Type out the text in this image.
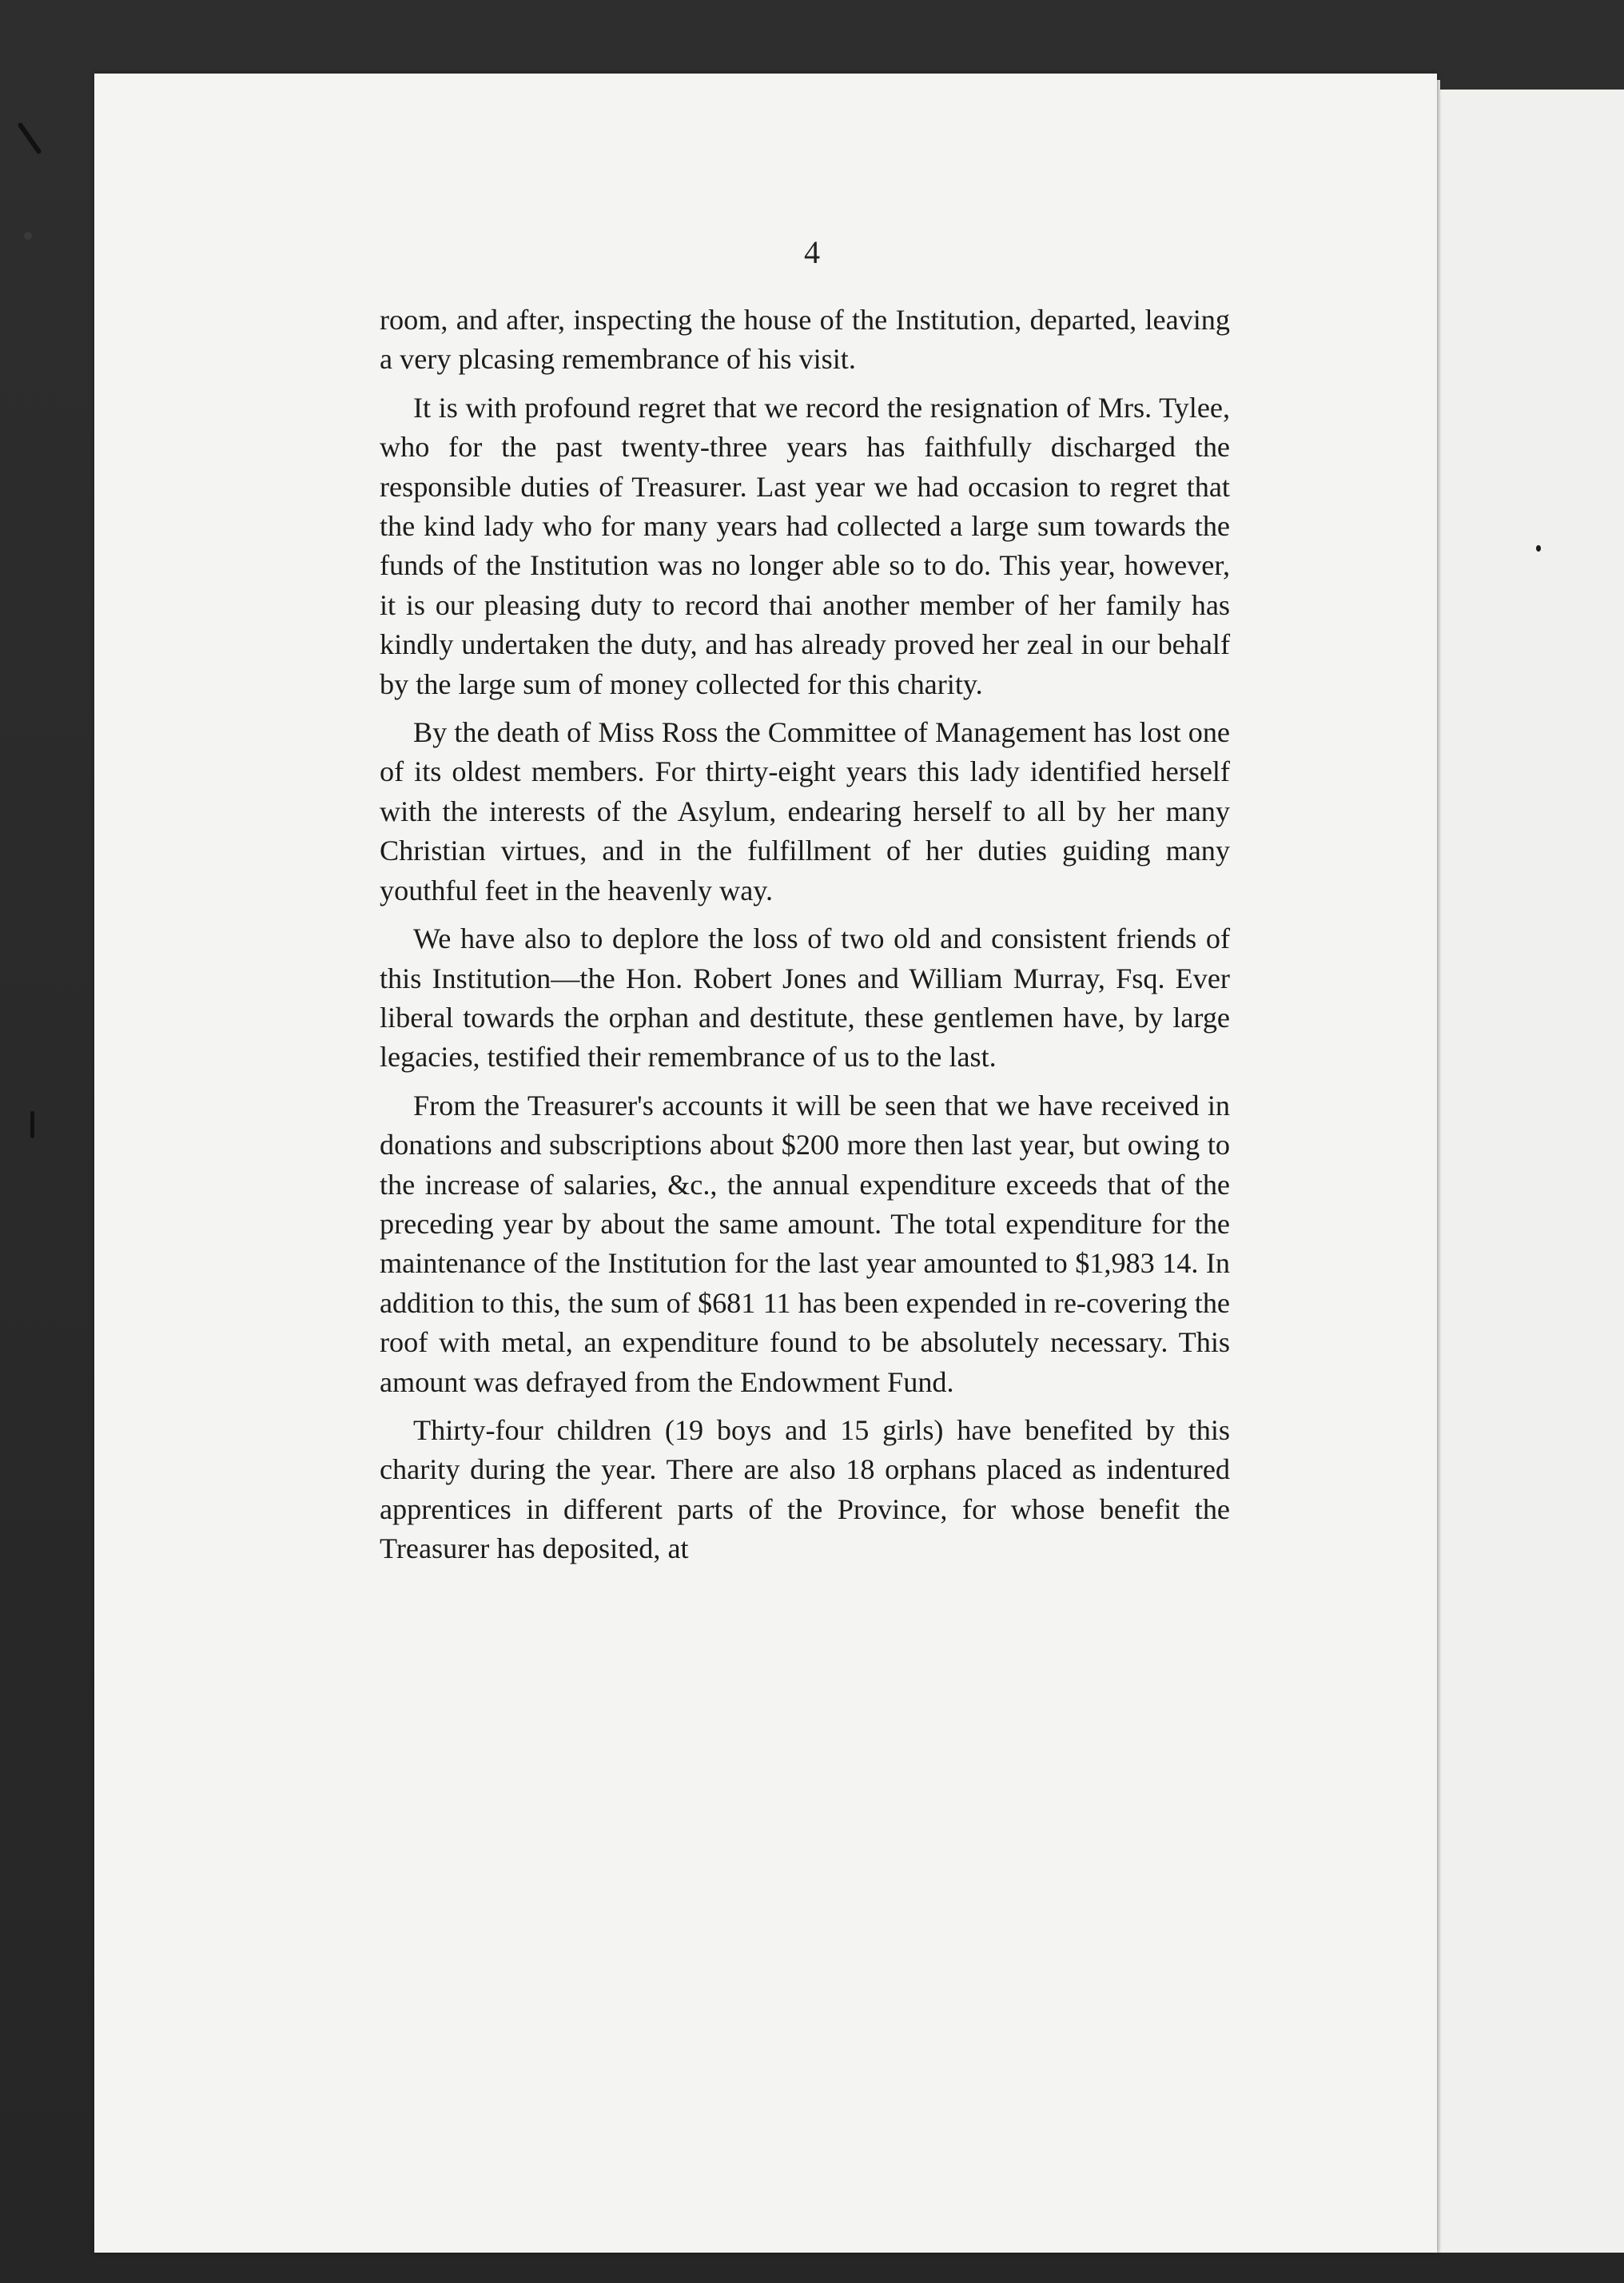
4

room, and after, inspecting the house of the Institution, departed, leaving a very plcasing remembrance of his visit.

It is with profound regret that we record the resignation of Mrs. Tylee, who for the past twenty-three years has faithfully discharged the responsible duties of Treasurer. Last year we had occasion to regret that the kind lady who for many years had collected a large sum towards the funds of the Institution was no longer able so to do. This year, however, it is our pleasing duty to record thai another member of her family has kindly undertaken the duty, and has already proved her zeal in our behalf by the large sum of money collected for this charity.

By the death of Miss Ross the Committee of Management has lost one of its oldest members. For thirty-eight years this lady identified herself with the interests of the Asylum, endearing herself to all by her many Christian virtues, and in the fulfillment of her duties guiding many youthful feet in the heavenly way.

We have also to deplore the loss of two old and consistent friends of this Institution—the Hon. Robert Jones and William Murray, Fsq. Ever liberal towards the orphan and destitute, these gentlemen have, by large legacies, testified their remembrance of us to the last.

From the Treasurer's accounts it will be seen that we have received in donations and subscriptions about $200 more then last year, but owing to the increase of salaries, &c., the annual expenditure exceeds that of the preceding year by about the same amount. The total expenditure for the maintenance of the Institution for the last year amounted to $1,983 14. In addition to this, the sum of $681 11 has been expended in re-covering the roof with metal, an expenditure found to be absolutely necessary. This amount was defrayed from the Endowment Fund.

Thirty-four children (19 boys and 15 girls) have benefited by this charity during the year. There are also 18 orphans placed as indentured apprentices in different parts of the Province, for whose benefit the Treasurer has deposited, at
